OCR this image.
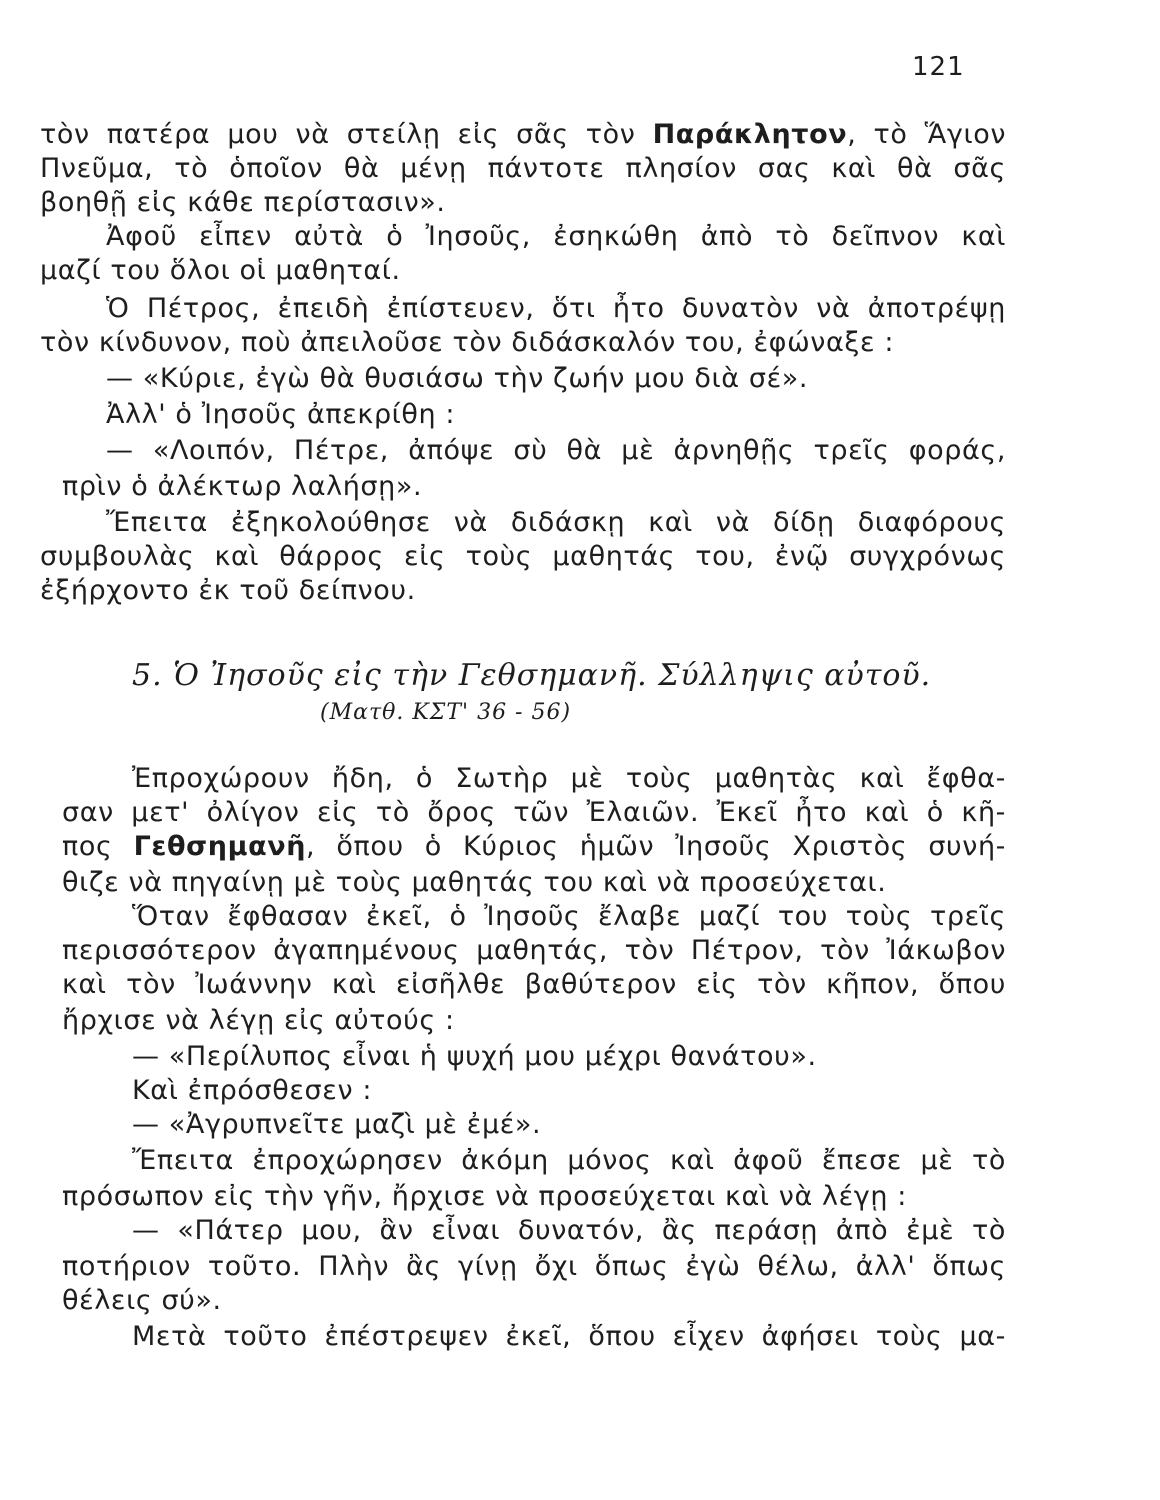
121
τὸν πατέρα μου νὰ στείλῃ εἰς σᾶς τὸν Παράκλητον, τὸ Ἅγιον
Πνεῦμα, τὸ ὁποῖον θὰ μένῃ πάντοτε πλησίον σας καὶ θὰ σᾶς
βοηθῇ εἰς κάθε περίστασιν».
Ἀφοῦ εἶπεν αὐτὰ ὁ Ἰησοῦς, ἐσηκώθη ἀπὸ τὸ δεῖπνον καὶ
μαζί του ὅλοι οἱ μαθηταί.
Ὁ Πέτρος, ἐπειδὴ ἐπίστευεν, ὅτι ἦτο δυνατὸν νὰ ἀποτρέψῃ
τὸν κίνδυνον, ποὺ ἀπειλοῦσε τὸν διδάσκαλόν του, ἐφώναξε :
— «Κύριε, ἐγὼ θὰ θυσιάσω τὴν ζωήν μου διὰ σέ».
Ἀλλ' ὁ Ἰησοῦς ἀπεκρίθη :
— «Λοιπόν, Πέτρε, ἀπόψε σὺ θὰ μὲ ἀρνηθῇς τρεῖς φοράς,
πρὶν ὁ ἀλέκτωρ λαλήσῃ».
Ἔπειτα ἐξηκολούθησε νὰ διδάσκῃ καὶ νὰ δίδῃ διαφόρους
συμβουλὰς καὶ θάρρος εἰς τοὺς μαθητάς του, ἐνῷ συγχρόνως
ἐξήρχοντο ἐκ τοῦ δείπνου.
5. Ὁ Ἰησοῦς εἰς τὴν Γεθσημανῆ. Σύλληψις αὐτοῦ.
(Ματθ. ΚΣΤ' 36 - 56)
Ἐπροχώρουν ἤδη, ὁ Σωτὴρ μὲ τοὺς μαθητὰς καὶ ἔφθα-
σαν μετ' ὀλίγον εἰς τὸ ὄρος τῶν Ἐλαιῶν. Ἐκεῖ ἦτο καὶ ὁ κῆ-
πος Γεθσημανῆ, ὅπου ὁ Κύριος ἡμῶν Ἰησοῦς Χριστὸς συνή-
θιζε νὰ πηγαίνῃ μὲ τοὺς μαθητάς του καὶ νὰ προσεύχεται.
Ὅταν ἔφθασαν ἐκεῖ, ὁ Ἰησοῦς ἔλαβε μαζί του τοὺς τρεῖς
περισσότερον ἀγαπημένους μαθητάς, τὸν Πέτρον, τὸν Ἰάκωβον
καὶ τὸν Ἰωάννην καὶ εἰσῆλθε βαθύτερον εἰς τὸν κῆπον, ὅπου
ἤρχισε νὰ λέγῃ εἰς αὐτούς :
— «Περίλυπος εἶναι ἡ ψυχή μου μέχρι θανάτου».
Καὶ ἐπρόσθεσεν :
— «Ἀγρυπνεῖτε μαζὶ μὲ ἐμέ».
Ἔπειτα ἐπροχώρησεν ἀκόμη μόνος καὶ ἀφοῦ ἔπεσε μὲ τὸ
πρόσωπον εἰς τὴν γῆν, ἤρχισε νὰ προσεύχεται καὶ νὰ λέγῃ :
— «Πάτερ μου, ἂν εἶναι δυνατόν, ἂς περάσῃ ἀπὸ ἐμὲ τὸ
ποτήριον τοῦτο. Πλὴν ἂς γίνῃ ὄχι ὅπως ἐγὼ θέλω, ἀλλ' ὅπως
θέλεις σύ».
Μετὰ τοῦτο ἐπέστρεψεν ἐκεῖ, ὅπου εἶχεν ἀφήσει τοὺς μα-
